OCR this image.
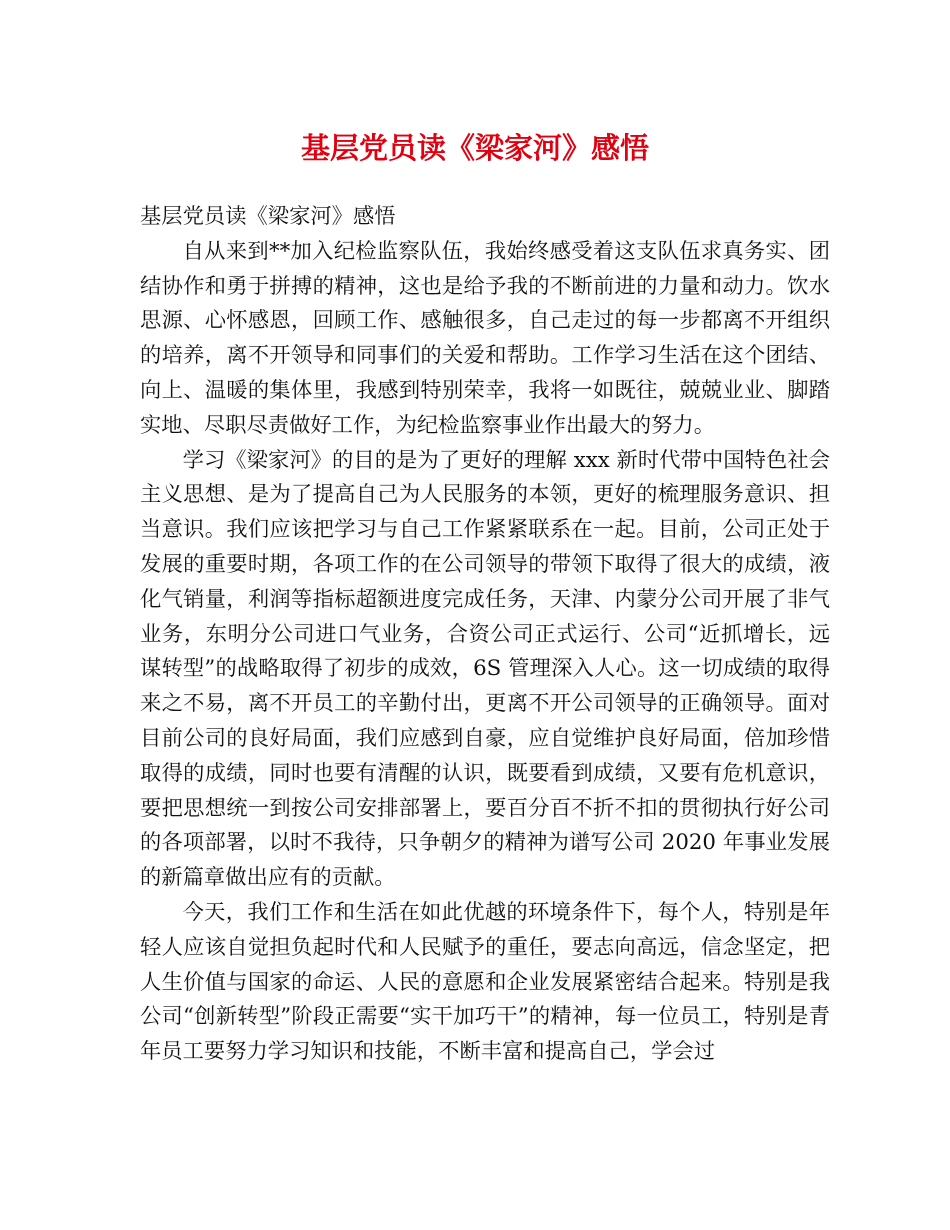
基层党员读《梁家河》感悟

基层党员读《梁家河》感悟

自从来到**加入纪检监察队伍，我始终感受着这支队伍求真务实、团结协作和勇于拼搏的精神，这也是给予我的不断前进的力量和动力。饮水思源、心怀感恩，回顾工作、感触很多，自己走过的每一步都离不开组织的培养，离不开领导和同事们的关爱和帮助。工作学习生活在这个团结、向上、温暖的集体里，我感到特别荣幸，我将一如既往，兢兢业业、脚踏实地、尽职尽责做好工作，为纪检监察事业作出最大的努力。

学习《梁家河》的目的是为了更好的理解 xxx 新时代带中国特色社会主义思想、是为了提高自己为人民服务的本领，更好的梳理服务意识、担当意识。我们应该把学习与自己工作紧紧联系在一起。目前，公司正处于发展的重要时期，各项工作的在公司领导的带领下取得了很大的成绩，液化气销量，利润等指标超额进度完成任务，天津、内蒙分公司开展了非气业务，东明分公司进口气业务，合资公司正式运行、公司“近抓增长，远谋转型”的战略取得了初步的成效，6S 管理深入人心。这一切成绩的取得来之不易，离不开员工的辛勤付出，更离不开公司领导的正确领导。面对目前公司的良好局面，我们应感到自豪，应自觉维护良好局面，倍加珍惜取得的成绩，同时也要有清醒的认识，既要看到成绩，又要有危机意识，要把思想统一到按公司安排部署上，要百分百不折不扣的贯彻执行好公司的各项部署，以时不我待，只争朝夕的精神为谱写公司 2020 年事业发展的新篇章做出应有的贡献。

今天，我们工作和生活在如此优越的环境条件下，每个人，特别是年轻人应该自觉担负起时代和人民赋予的重任，要志向高远，信念坚定，把人生价值与国家的命运、人民的意愿和企业发展紧密结合起来。特别是我公司“创新转型”阶段正需要“实干加巧干”的精神，每一位员工，特别是青年员工要努力学习知识和技能，不断丰富和提高自己，学会过
